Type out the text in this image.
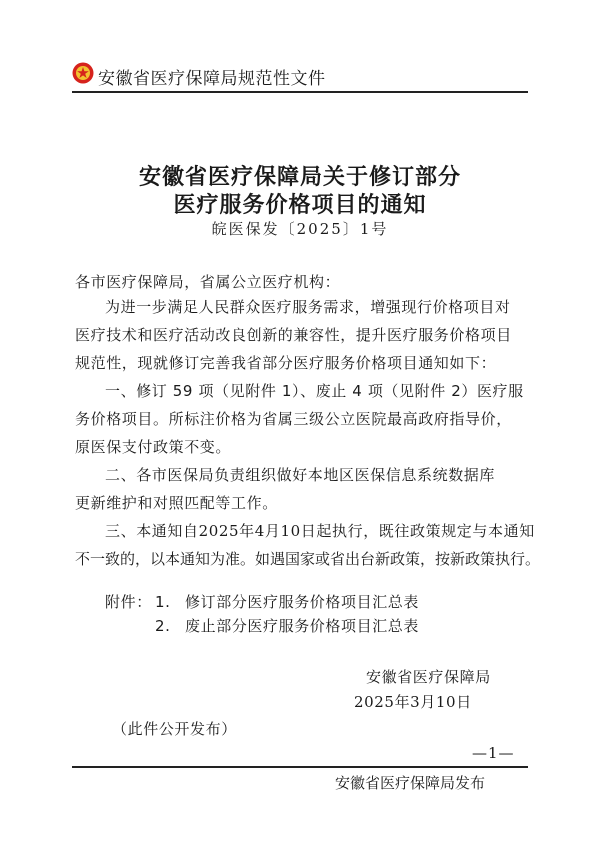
安徽省医疗保障局规范性文件
安徽省医疗保障局关于修订部分
医疗服务价格项目的通知
皖医保发〔2025〕1号
各市医疗保障局，省属公立医疗机构：
为进一步满足人民群众医疗服务需求，增强现行价格项目对
医疗技术和医疗活动改良创新的兼容性，提升医疗服务价格项目
规范性，现就修订完善我省部分医疗服务价格项目通知如下：
一、修订 59 项（见附件 1）、废止 4 项（见附件 2）医疗服
务价格项目。所标注价格为省属三级公立医院最高政府指导价，
原医保支付政策不变。
二、各市医保局负责组织做好本地区医保信息系统数据库
更新维护和对照匹配等工作。
三、本通知自2025年4月10日起执行，既往政策规定与本通知
不一致的，以本通知为准。如遇国家或省出台新政策，按新政策执行。
附件： 1. 修订部分医疗服务价格项目汇总表
2. 废止部分医疗服务价格项目汇总表
安徽省医疗保障局
2025年3月10日
（此件公开发布）
—1—
安徽省医疗保障局发布
